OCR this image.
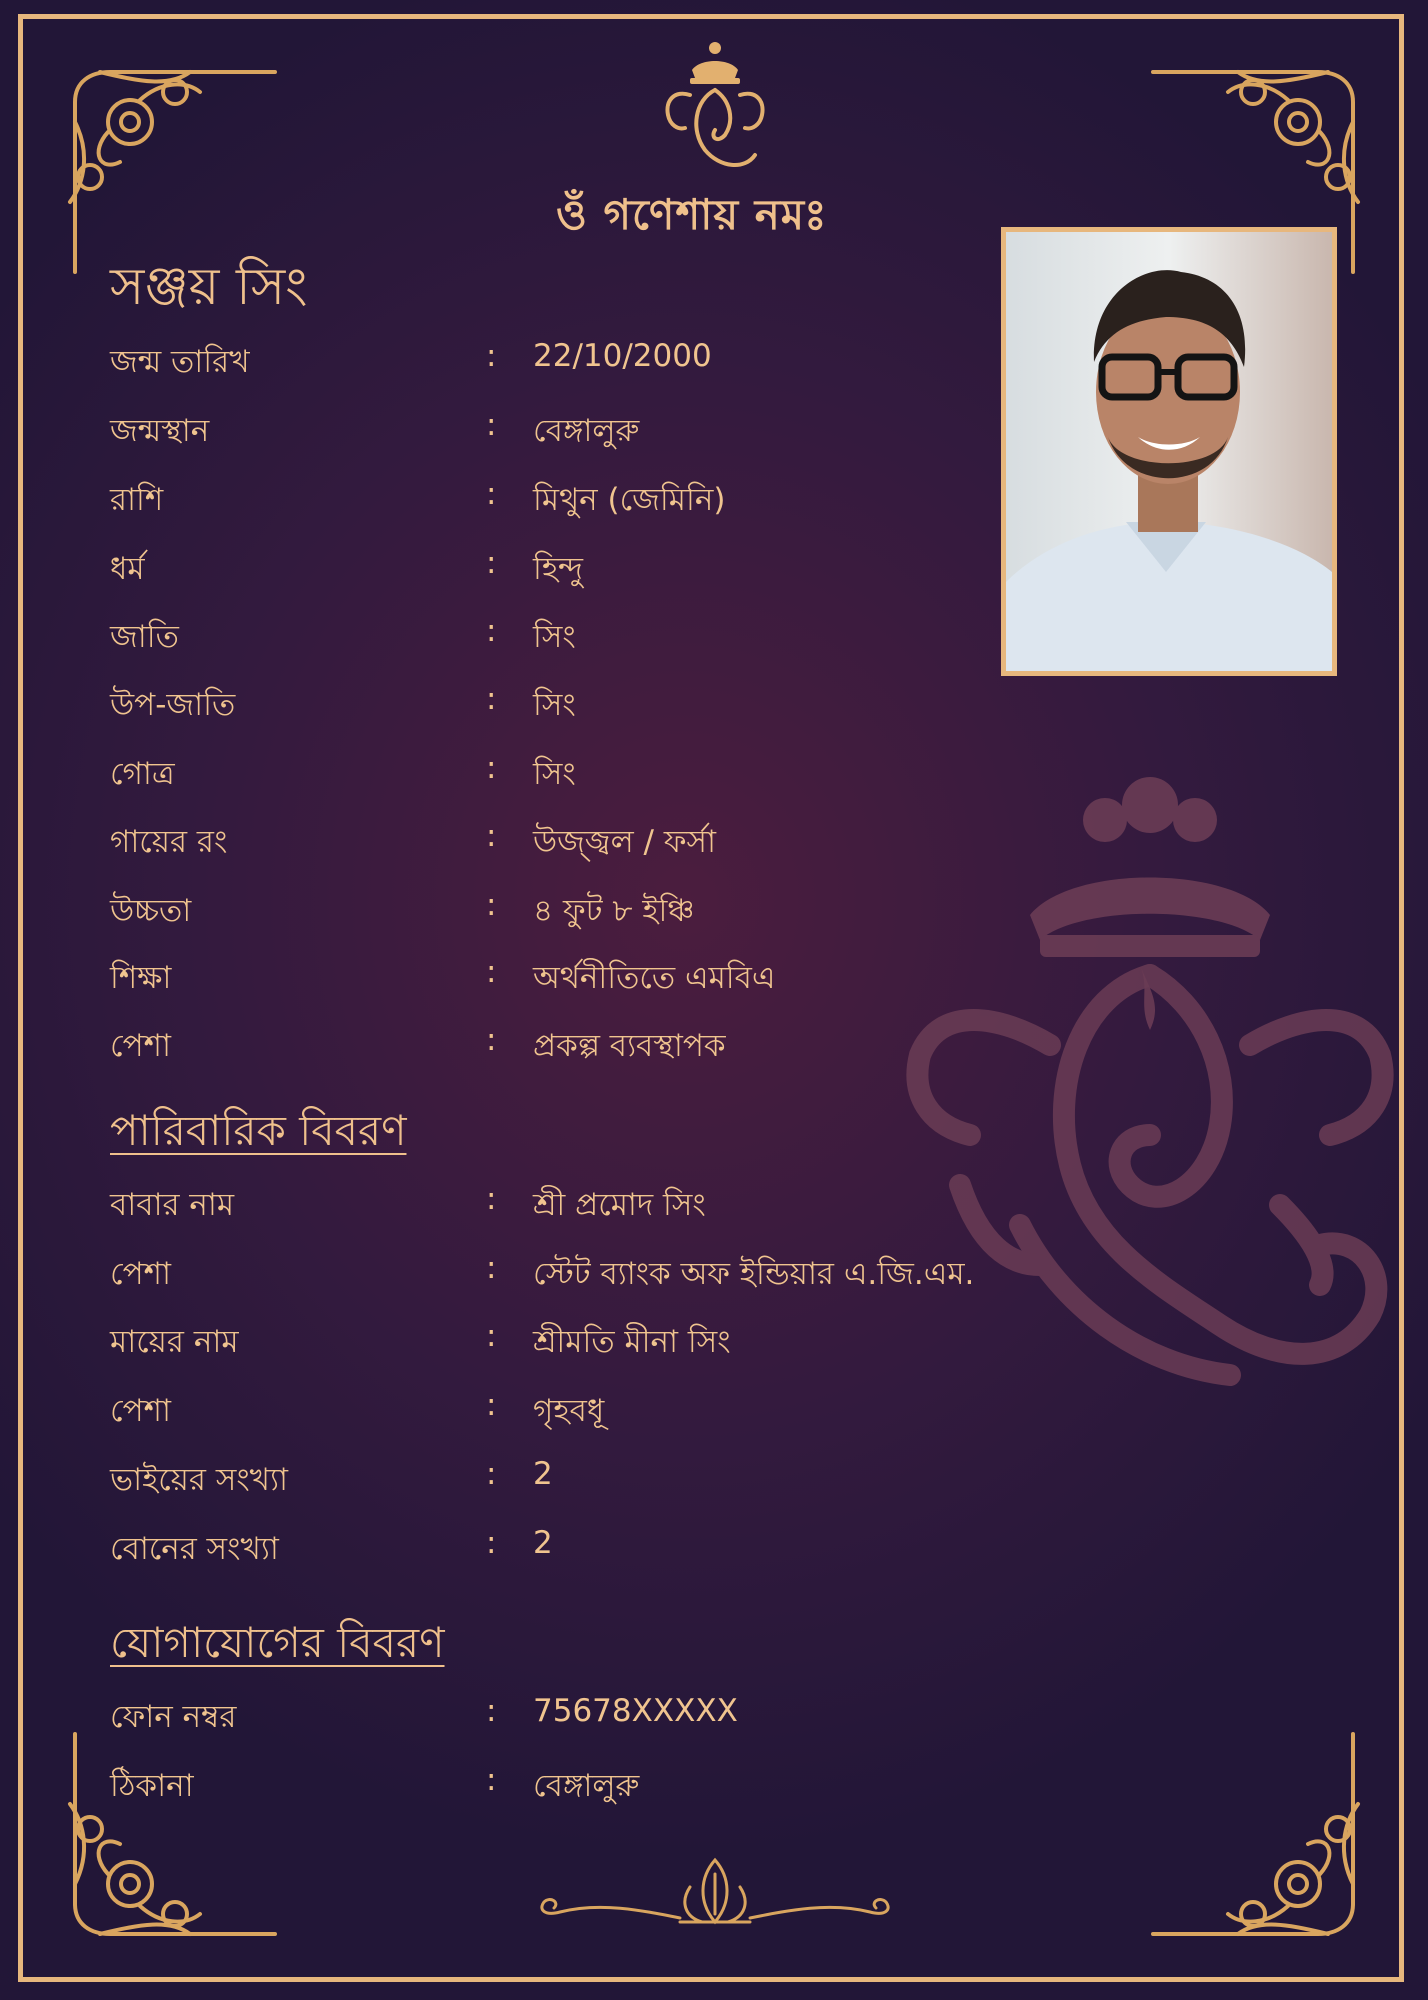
ওঁ গণেশায় নমঃ
সঞ্জয় সিং
জন্ম তারিখ	: 22/10/2000
জন্মস্থান	: বেঙ্গালুরু
রাশি	: মিথুন (জেমিনি)
ধর্ম	: হিন্দু
জাতি	: সিং
উপ-জাতি	: সিং
গোত্র	: সিং
গায়ের রং	: উজ্জ্বল / ফর্সা
উচ্চতা	: ৪ ফুট ৮ ইঞ্চি
শিক্ষা	: অর্থনীতিতে এমবিএ
পেশা	: প্রকল্প ব্যবস্থাপক
পারিবারিক বিবরণ
বাবার নাম	: শ্রী প্রমোদ সিং
পেশা	: স্টেট ব্যাংক অফ ইন্ডিয়ার এ.জি.এম.
মায়ের নাম	: শ্রীমতি মীনা সিং
পেশা	: গৃহবধূ
ভাইয়ের সংখ্যা	: 2
বোনের সংখ্যা	: 2
যোগাযোগের বিবরণ
ফোন নম্বর	: 75678XXXXX
ঠিকানা	: বেঙ্গালুরু
